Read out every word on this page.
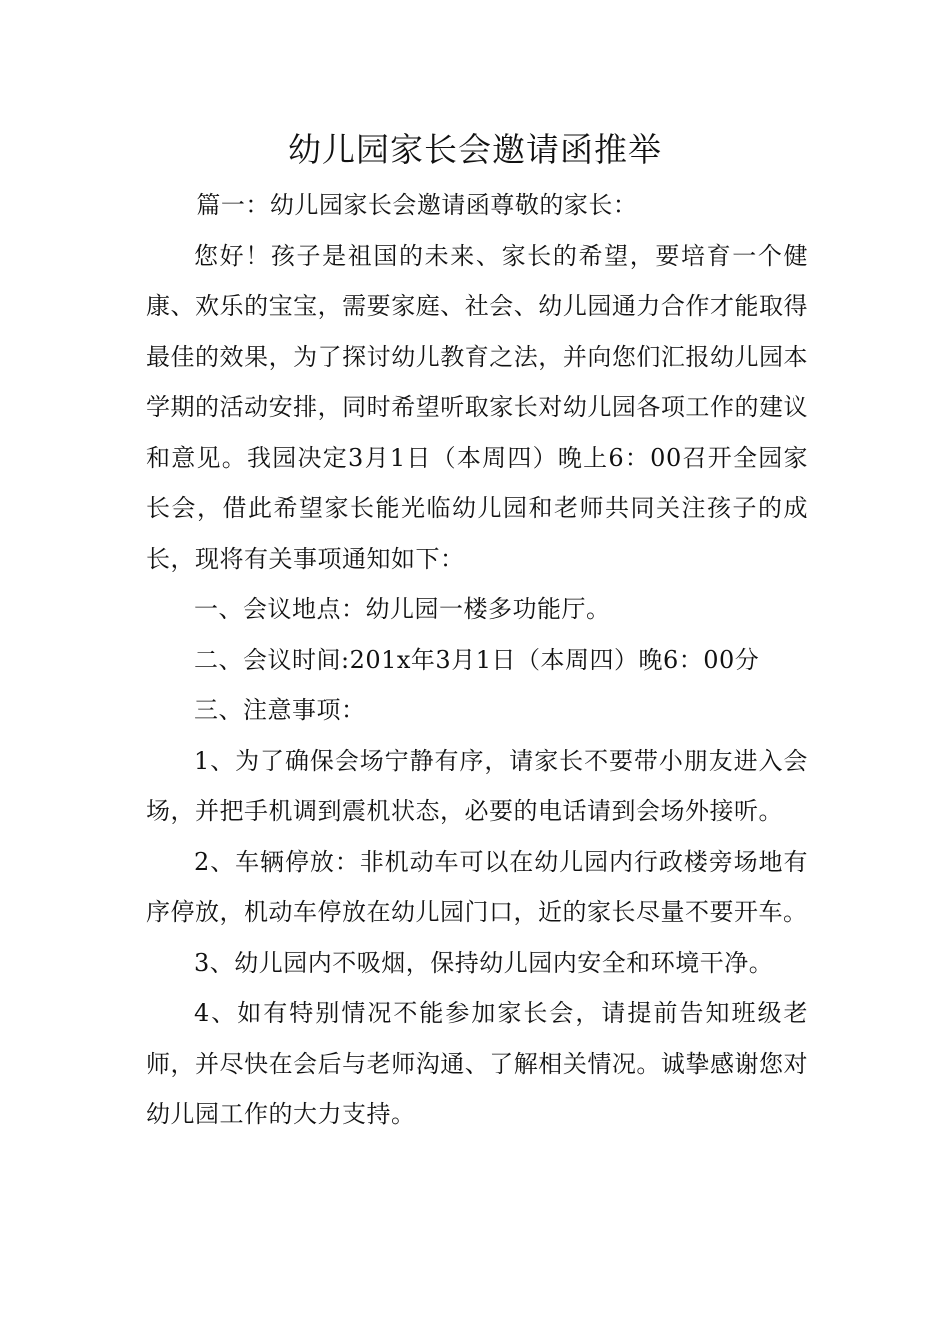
幼儿园家长会邀请函推举

篇一：幼儿园家长会邀请函尊敬的家长：

您好！孩子是祖国的未来、家长的希望，要培育一个健康、欢乐的宝宝，需要家庭、社会、幼儿园通力合作才能取得最佳的效果，为了探讨幼儿教育之法，并向您们汇报幼儿园本学期的活动安排，同时希望听取家长对幼儿园各项工作的建议和意见。我园决定3月1日（本周四）晚上6：00召开全园家长会，借此希望家长能光临幼儿园和老师共同关注孩子的成长，现将有关事项通知如下：

一、会议地点：幼儿园一楼多功能厅。

二、会议时间:201x年3月1日（本周四）晚6：00分

三、注意事项：

1、为了确保会场宁静有序，请家长不要带小朋友进入会场，并把手机调到震机状态，必要的电话请到会场外接听。

2、车辆停放：非机动车可以在幼儿园内行政楼旁场地有序停放，机动车停放在幼儿园门口，近的家长尽量不要开车。

3、幼儿园内不吸烟，保持幼儿园内安全和环境干净。

4、如有特别情况不能参加家长会，请提前告知班级老师，并尽快在会后与老师沟通、了解相关情况。诚挚感谢您对幼儿园工作的大力支持。
